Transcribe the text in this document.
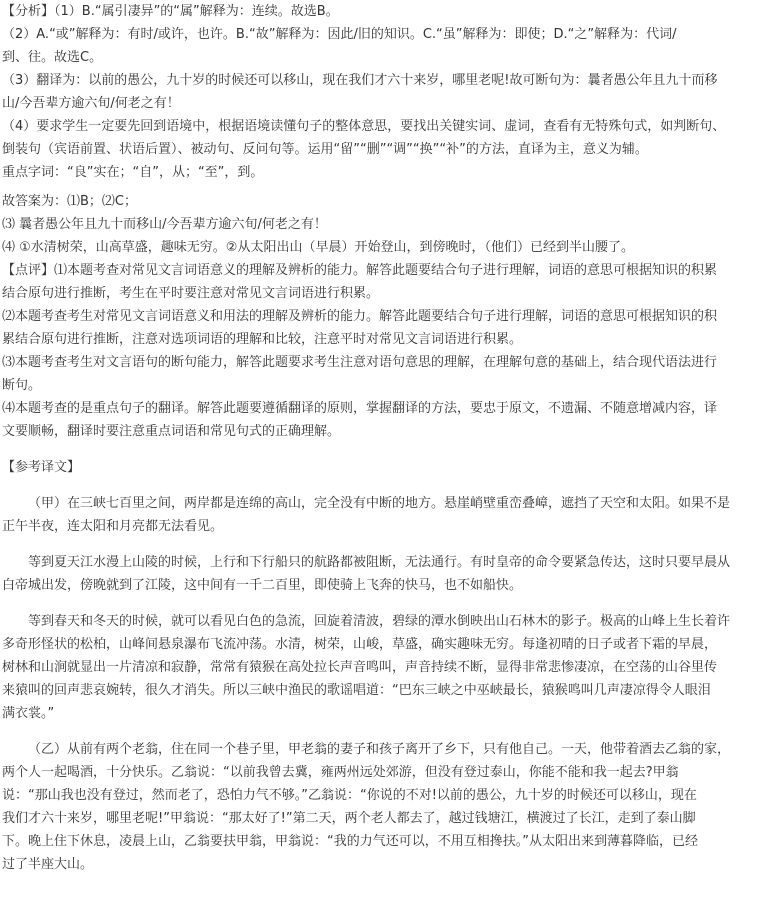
【分析】（1）B.“属引凄异”的“属”解释为：连续。故选B。

（2）A.“或”解释为：有时/或许，也许。B.“故”解释为：因此/旧的知识。C.“虽”解释为：即使；D.“之”解释为：代词/

到、往。故选C。

（3）翻译为：以前的愚公，九十岁的时候还可以移山，现在我们才六十来岁，哪里老呢!故可断句为：曩者愚公年且九十而移

山/今吾辈方逾六旬/何老之有！

（4）要求学生一定要先回到语境中，根据语境读懂句子的整体意思，要找出关键实词、虚词，查看有无特殊句式，如判断句、

倒装句（宾语前置、状语后置）、被动句、反问句等。运用“留”“删”“调”“换”“补”的方法，直译为主，意义为辅。

重点字词：“良”实在；“自”，从；“至”，到。

故答案为：⑴B；⑵C；

⑶ 曩者愚公年且九十而移山/今吾辈方逾六旬/何老之有！

⑷ ①水清树荣，山高草盛，趣味无穷。②从太阳出山（早晨）开始登山，到傍晚时，（他们）已经到半山腰了。

【点评】⑴本题考查对常见文言词语意义的理解及辨析的能力。解答此题要结合句子进行理解，词语的意思可根据知识的积累

结合原句进行推断，考生在平时要注意对常见文言词语进行积累。

⑵本题考查考生对常见文言词语意义和用法的理解及辨析的能力。解答此题要结合句子进行理解，词语的意思可根据知识的积

累结合原句进行推断，注意对选项词语的理解和比较，注意平时对常见文言词语进行积累。

⑶本题考查考生对文言语句的断句能力，解答此题要求考生注意对语句意思的理解，在理解句意的基础上，结合现代语法进行

断句。

⑷本题考查的是重点句子的翻译。解答此题要遵循翻译的原则，掌握翻译的方法，要忠于原文，不遗漏、不随意增减内容，译

文要顺畅，翻译时要注意重点词语和常见句式的正确理解。

【参考译文】

（甲）在三峡七百里之间，两岸都是连绵的高山，完全没有中断的地方。悬崖峭壁重峦叠嶂，遮挡了天空和太阳。如果不是

正午半夜，连太阳和月亮都无法看见。

等到夏天江水漫上山陵的时候，上行和下行船只的航路都被阻断，无法通行。有时皇帝的命令要紧急传达，这时只要早晨从

白帝城出发，傍晚就到了江陵，这中间有一千二百里，即使骑上飞奔的快马，也不如船快。

等到春天和冬天的时候，就可以看见白色的急流，回旋着清波，碧绿的潭水倒映出山石林木的影子。极高的山峰上生长着许

多奇形怪状的松柏，山峰间悬泉瀑布飞流冲荡。水清，树荣，山峻，草盛，确实趣味无穷。每逢初晴的日子或者下霜的早晨，

树林和山涧就显出一片清凉和寂静，常常有猿猴在高处拉长声音鸣叫，声音持续不断，显得非常悲惨凄凉，在空荡的山谷里传

来猿叫的回声悲哀婉转，很久才消失。所以三峡中渔民的歌谣唱道：“巴东三峡之中巫峡最长，猿猴鸣叫几声凄凉得令人眼泪

满衣裳。”

（乙）从前有两个老翁，住在同一个巷子里，甲老翁的妻子和孩子离开了乡下，只有他自己。一天，他带着酒去乙翁的家，

两个人一起喝酒，十分快乐。乙翁说：“以前我曾去冀，雍两州远处郊游，但没有登过泰山，你能不能和我一起去?甲翁

说：“那山我也没有登过，然而老了，恐怕力气不够。”乙翁说：“你说的不对!以前的愚公，九十岁的时候还可以移山，现在

我们才六十来岁，哪里老呢!”甲翁说：“那太好了!”第二天，两个老人都去了，越过钱塘江，横渡过了长江，走到了泰山脚

下。晚上住下休息，凌晨上山，乙翁要扶甲翁，甲翁说：“我的力气还可以，不用互相搀扶。”从太阳出来到薄暮降临，已经

过了半座大山。
